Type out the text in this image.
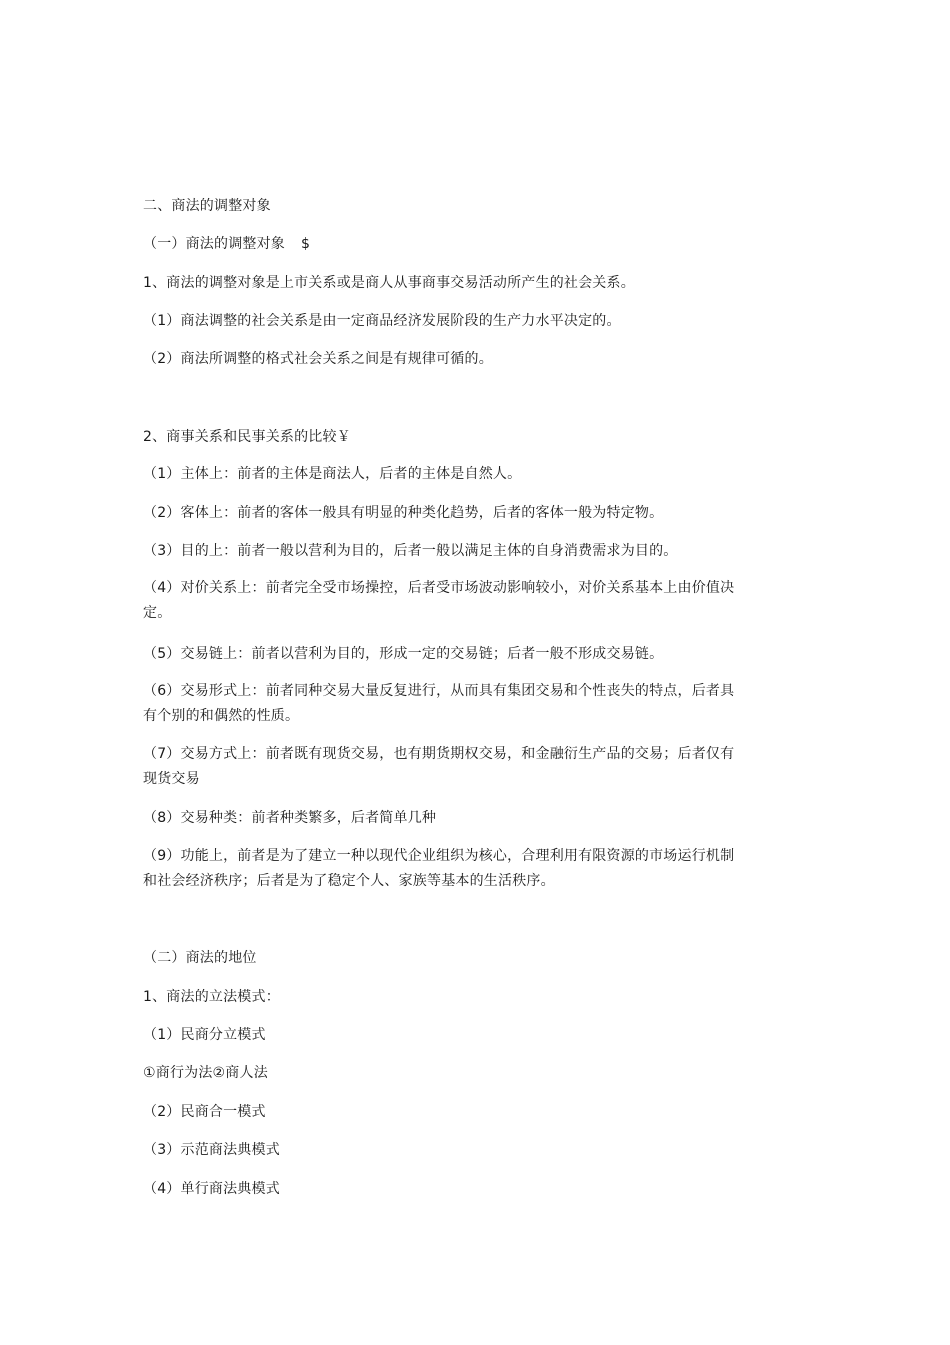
二、商法的调整对象
（一）商法的调整对象 $
1、商法的调整对象是上市关系或是商人从事商事交易活动所产生的社会关系。
（1）商法调整的社会关系是由一定商品经济发展阶段的生产力水平决定的。
（2）商法所调整的格式社会关系之间是有规律可循的。
2、商事关系和民事关系的比较￥
（1）主体上：前者的主体是商法人，后者的主体是自然人。
（2）客体上：前者的客体一般具有明显的种类化趋势，后者的客体一般为特定物。
（3）目的上：前者一般以营利为目的，后者一般以满足主体的自身消费需求为目的。
（4）对价关系上：前者完全受市场操控，后者受市场波动影响较小，对价关系基本上由价值决定。
（5）交易链上：前者以营利为目的，形成一定的交易链；后者一般不形成交易链。
（6）交易形式上：前者同种交易大量反复进行，从而具有集团交易和个性丧失的特点，后者具有个别的和偶然的性质。
（7）交易方式上：前者既有现货交易，也有期货期权交易，和金融衍生产品的交易；后者仅有现货交易
（8）交易种类：前者种类繁多，后者简单几种
（9）功能上，前者是为了建立一种以现代企业组织为核心，合理利用有限资源的市场运行机制和社会经济秩序；后者是为了稳定个人、家族等基本的生活秩序。
（二）商法的地位
1、商法的立法模式：
（1）民商分立模式
①商行为法②商人法
（2）民商合一模式
（3）示范商法典模式
（4）单行商法典模式
